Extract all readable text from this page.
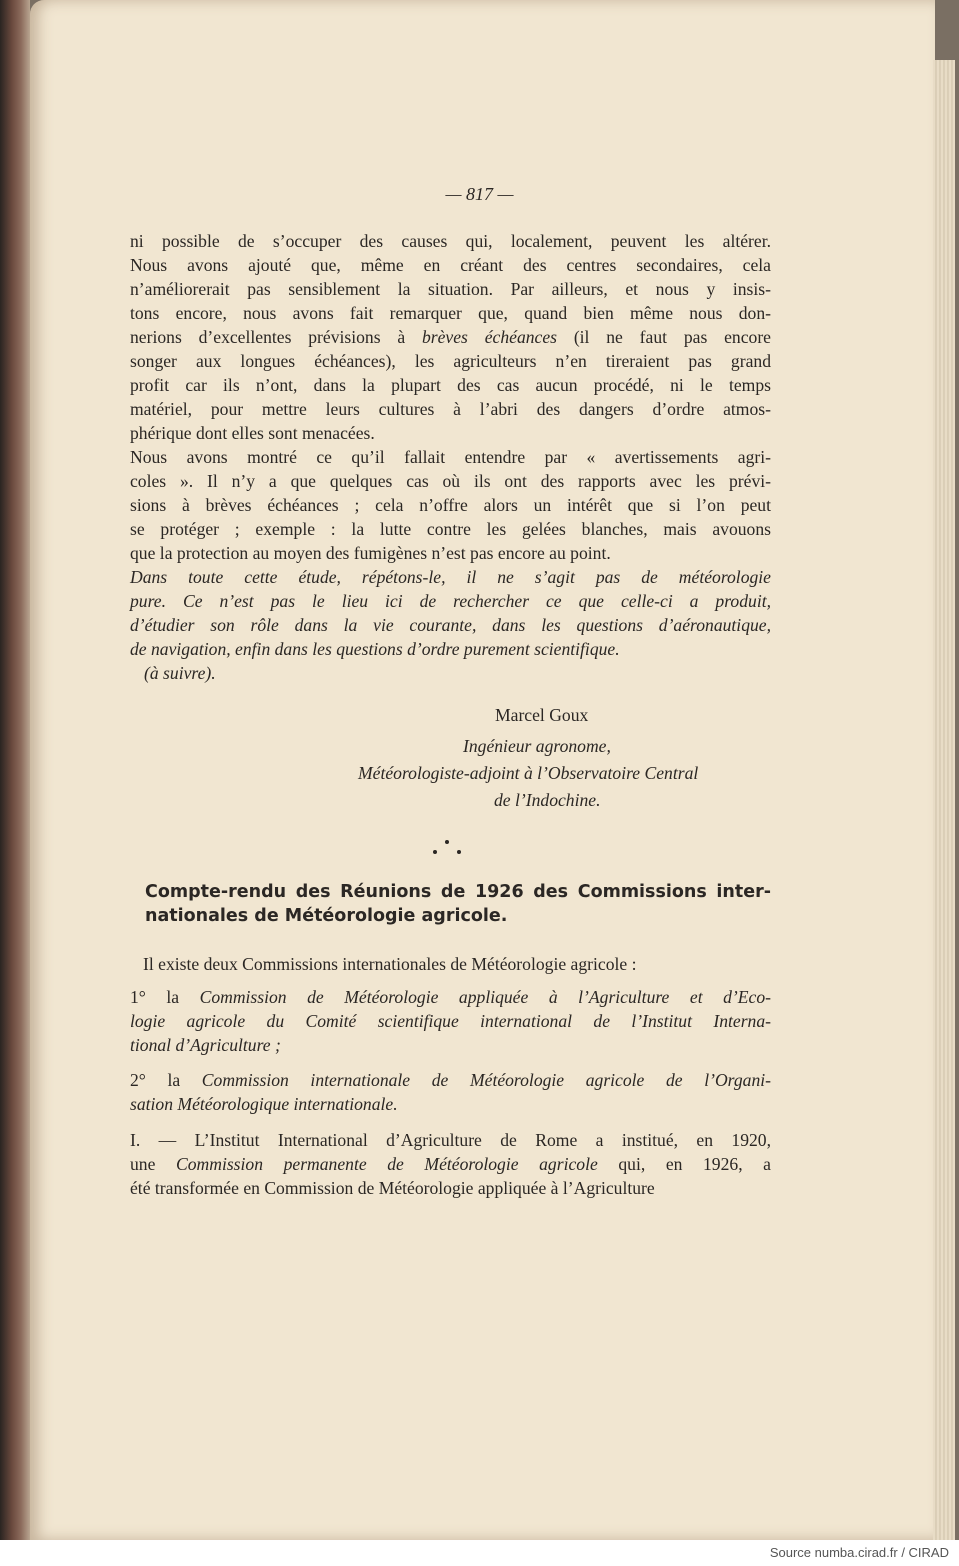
— 817 —
ni possible de s’occuper des causes qui, localement, peuvent les altérer.
Nous avons ajouté que, même en créant des centres secondaires, cela
n’améliorerait pas sensiblement la situation. Par ailleurs, et nous y insis-
tons encore, nous avons fait remarquer que, quand bien même nous don-
nerions d’excellentes prévisions à brèves échéances (il ne faut pas encore
songer aux longues échéances), les agriculteurs n’en tireraient pas grand
profit car ils n’ont, dans la plupart des cas aucun procédé, ni le temps
matériel, pour mettre leurs cultures à l’abri des dangers d’ordre atmos-
phérique dont elles sont menacées.
Nous avons montré ce qu’il fallait entendre par « avertissements agri-
coles ». Il n’y a que quelques cas où ils ont des rapports avec les prévi-
sions à brèves échéances ; cela n’offre alors un intérêt que si l’on peut
se protéger ; exemple : la lutte contre les gelées blanches, mais avouons
que la protection au moyen des fumigènes n’est pas encore au point.
Dans toute cette étude, répétons-le, il ne s’agit pas de météorologie
pure. Ce n’est pas le lieu ici de rechercher ce que celle-ci a produit,
d’étudier son rôle dans la vie courante, dans les questions d’aéronautique,
de navigation, enfin dans les questions d’ordre purement scientifique.
(à suivre).
Marcel Goux
Ingénieur agronome,
Météorologiste-adjoint à l’Observatoire Central
de l’Indochine.
Compte-rendu des Réunions de 1926 des Commissions inter-
nationales de Météorologie agricole.
Il existe deux Commissions internationales de Météorologie agricole :
1° la Commission de Météorologie appliquée à l’Agriculture et d’Eco-
logie agricole du Comité scientifique international de l’Institut Interna-
tional d’Agriculture ;
2° la Commission internationale de Météorologie agricole de l’Organi-
sation Météorologique internationale.
I. — L’Institut International d’Agriculture de Rome a institué, en 1920,
une Commission permanente de Météorologie agricole qui, en 1926, a
été transformée en Commission de Météorologie appliquée à l’Agriculture
Source numba.cirad.fr / CIRAD
